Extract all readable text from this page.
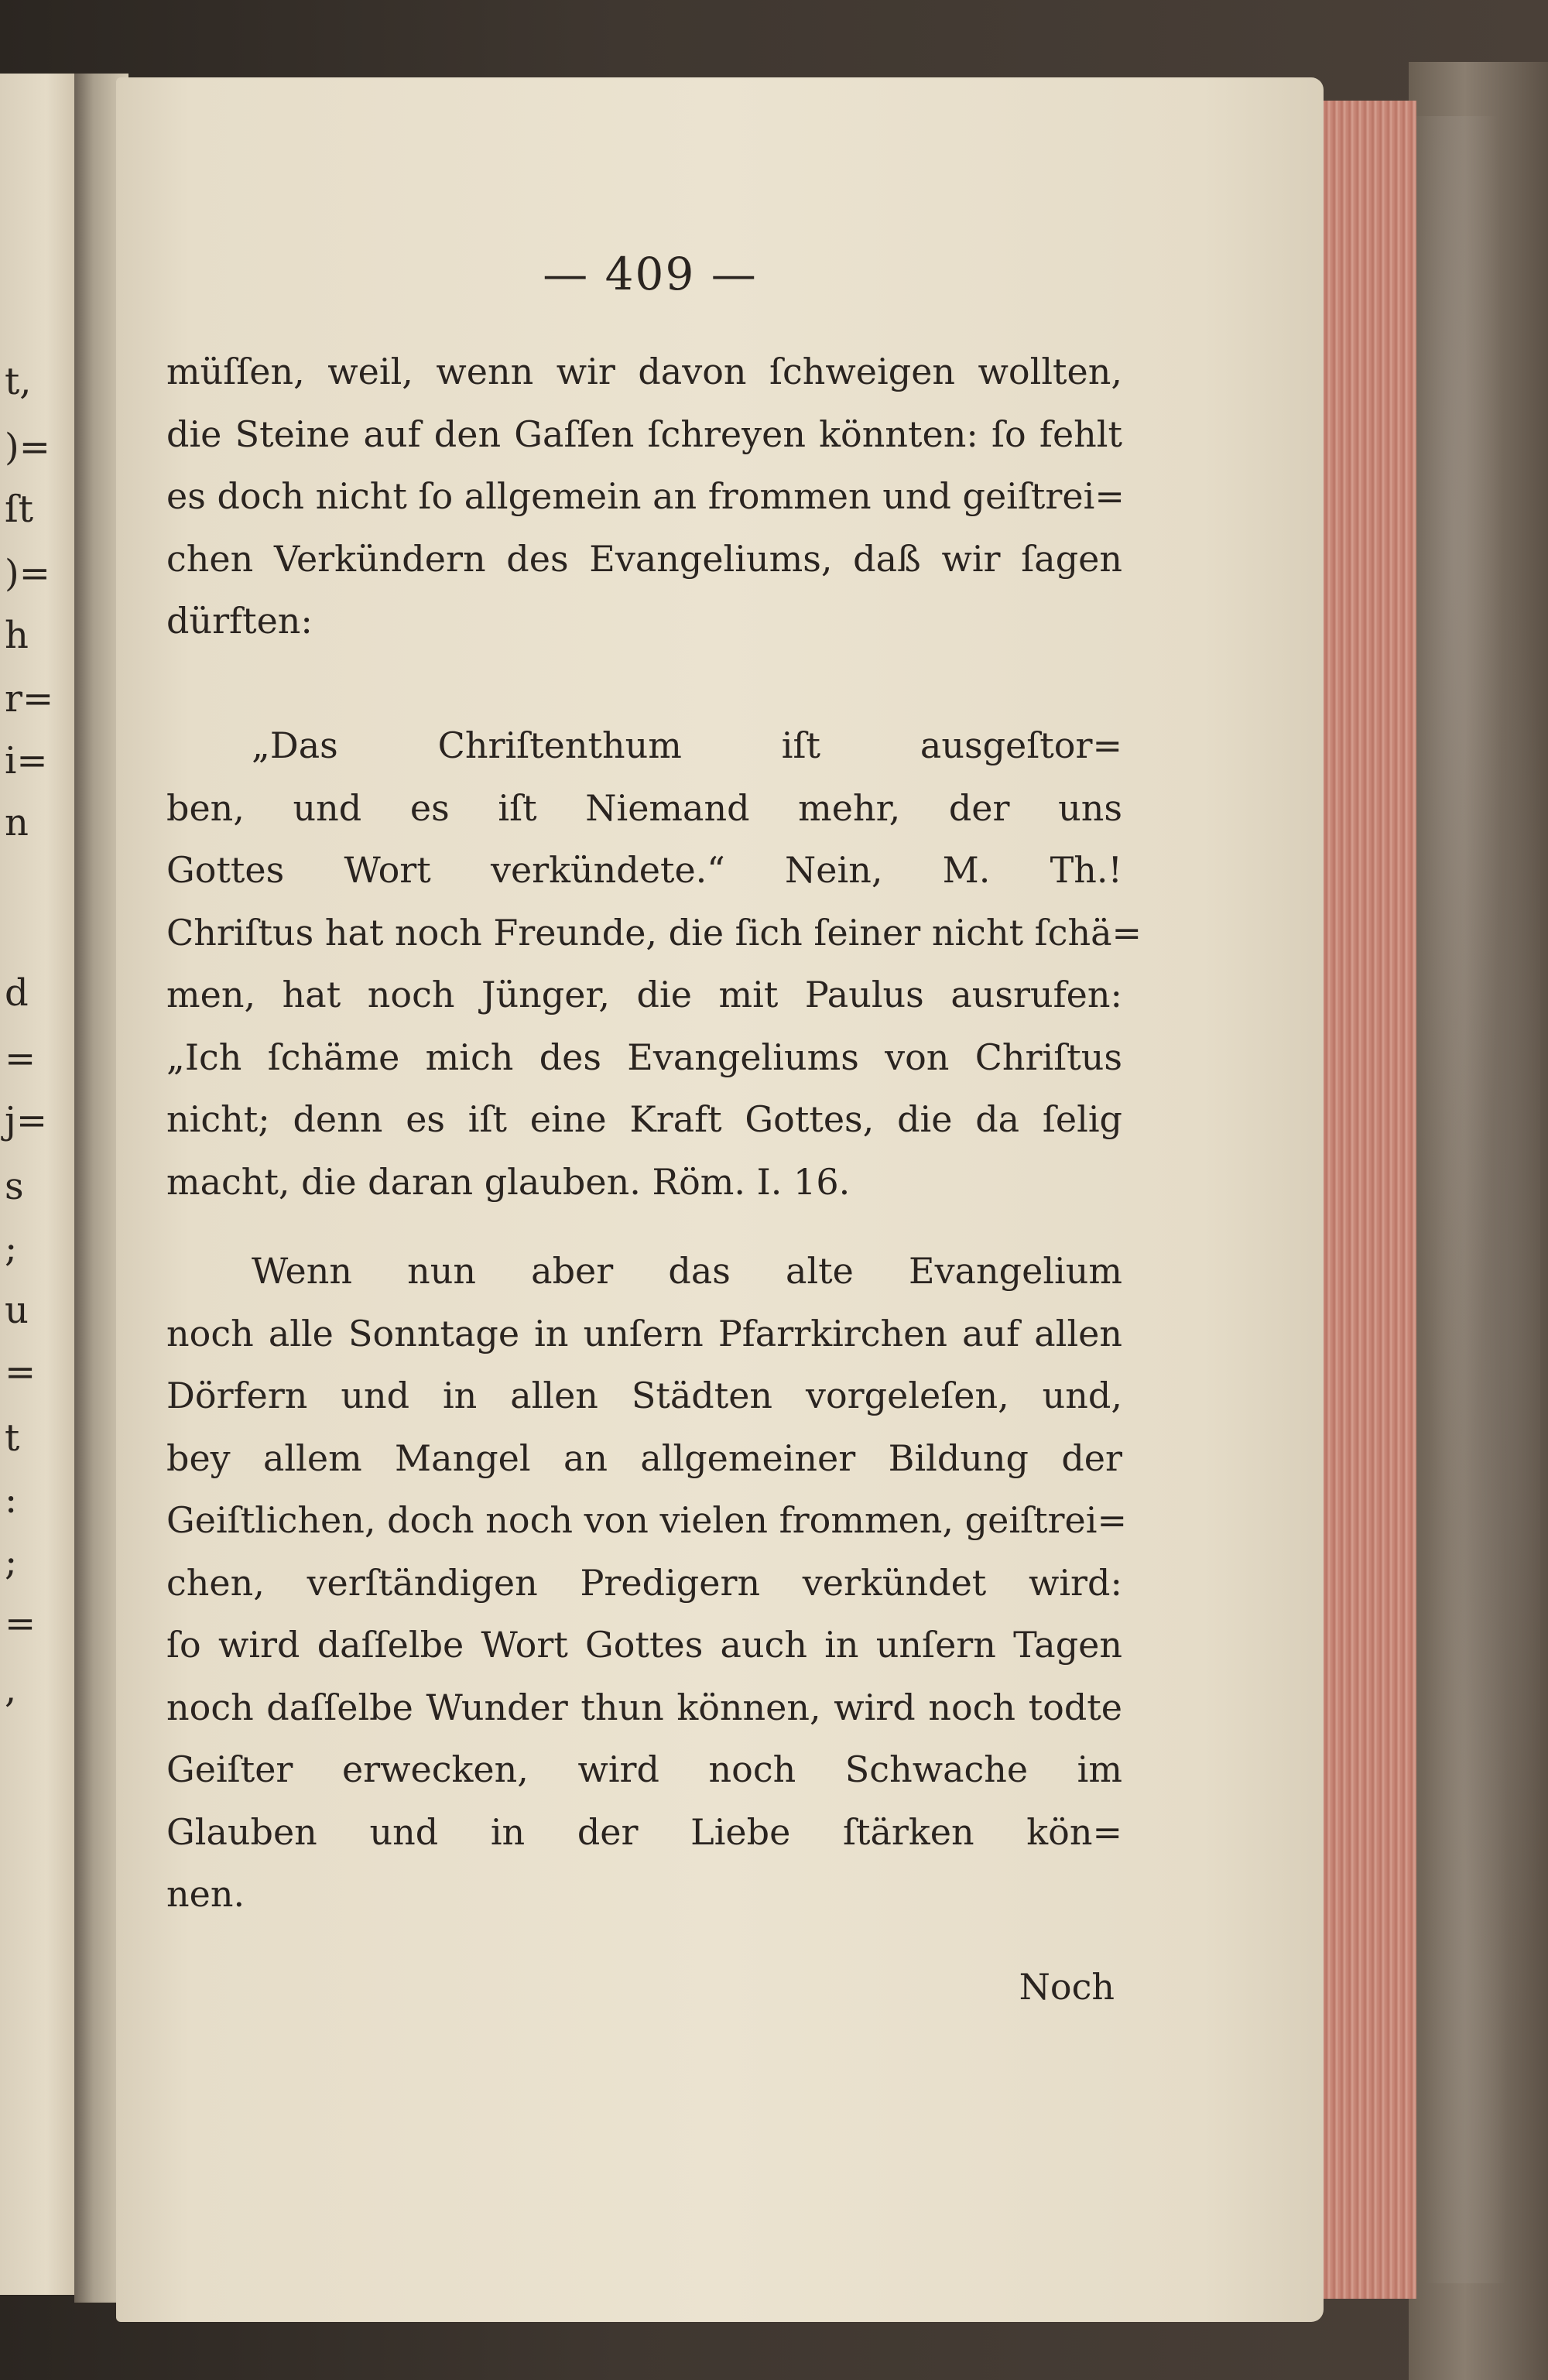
t,
)=
ſt
)=
h
r=
i=
n
d
=
j=
s
;
u
=
t
:
;
=
,
— 409 —
müſſen, weil, wenn wir davon ſchweigen wollten,
die Steine auf den Gaſſen ſchreyen könnten: ſo fehlt
es doch nicht ſo allgemein an frommen und geiſtrei=
chen Verkündern des Evangeliums, daß wir ſagen
dürften:
„Das Chriſtenthum iſt ausgeſtor=
ben, und es iſt Niemand mehr, der uns
Gottes Wort verkündete.“ Nein, M. Th.!
Chriſtus hat noch Freunde, die ſich ſeiner nicht ſchä=
men, hat noch Jünger, die mit Paulus ausrufen:
„Ich ſchäme mich des Evangeliums von Chriſtus
nicht; denn es iſt eine Kraft Gottes, die da ſelig
macht, die daran glauben. Röm. I. 16.
Wenn nun aber das alte Evangelium
noch alle Sonntage in unſern Pfarrkirchen auf allen
Dörfern und in allen Städten vorgeleſen, und,
bey allem Mangel an allgemeiner Bildung der
Geiſtlichen, doch noch von vielen frommen, geiſtrei=
chen, verſtändigen Predigern verkündet wird:
ſo wird daſſelbe Wort Gottes auch in unſern Tagen
noch daſſelbe Wunder thun können, wird noch todte
Geiſter erwecken, wird noch Schwache im
Glauben und in der Liebe ſtärken kön=
nen.
Noch
